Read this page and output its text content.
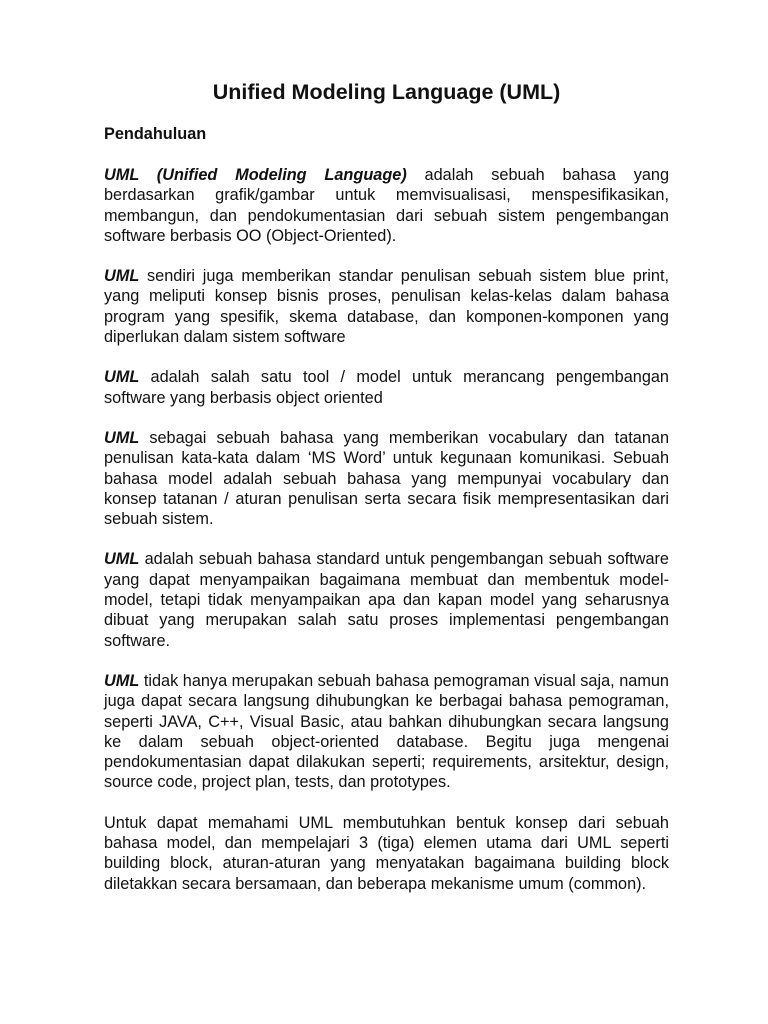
Unified Modeling Language (UML)
Pendahuluan

UML (Unified Modeling Language) adalah sebuah bahasa yang berdasarkan grafik/gambar untuk memvisualisasi, menspesifikasikan, membangun, dan pendokumentasian dari sebuah sistem pengembangan software berbasis OO (Object-Oriented).

UML sendiri juga memberikan standar penulisan sebuah sistem blue print, yang meliputi konsep bisnis proses, penulisan kelas-kelas dalam bahasa program yang spesifik, skema database, dan komponen-komponen yang diperlukan dalam sistem software

UML adalah salah satu tool / model untuk merancang pengembangan software yang berbasis object oriented

UML sebagai sebuah bahasa yang memberikan vocabulary dan tatanan penulisan kata-kata dalam ‘MS Word’ untuk kegunaan komunikasi. Sebuah bahasa model adalah sebuah bahasa yang mempunyai vocabulary dan konsep tatanan / aturan penulisan serta secara fisik mempresentasikan dari sebuah sistem.

UML adalah sebuah bahasa standard untuk pengembangan sebuah software yang dapat menyampaikan bagaimana membuat dan membentuk model-model, tetapi tidak menyampaikan apa dan kapan model yang seharusnya dibuat yang merupakan salah satu proses implementasi pengembangan software.

UML tidak hanya merupakan sebuah bahasa pemograman visual saja, namun juga dapat secara langsung dihubungkan ke berbagai bahasa pemograman, seperti JAVA, C++, Visual Basic, atau bahkan dihubungkan secara langsung ke dalam sebuah object-oriented database. Begitu juga mengenai pendokumentasian dapat dilakukan seperti; requirements, arsitektur, design, source code, project plan, tests, dan prototypes.

Untuk dapat memahami UML membutuhkan bentuk konsep dari sebuah bahasa model, dan mempelajari 3 (tiga) elemen utama dari UML seperti building block, aturan-aturan yang menyatakan bagaimana building block diletakkan secara bersamaan, dan beberapa mekanisme umum (common).
